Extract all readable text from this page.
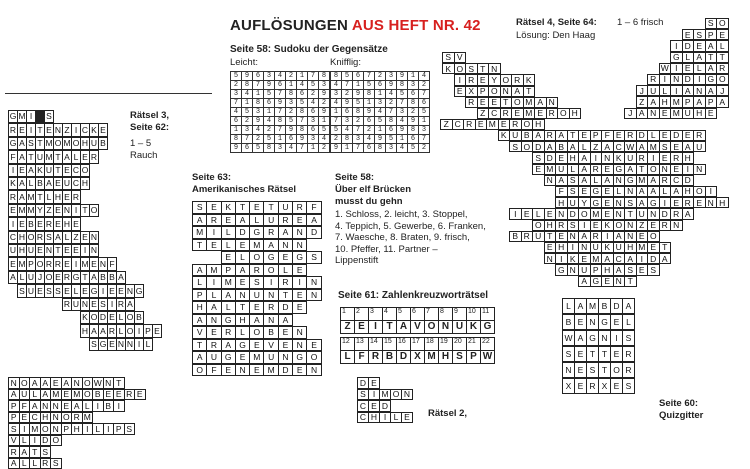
AUFLÖSUNGEN AUS HEFT NR. 42
Seite 58: Sudoku der Gegensätze
Leicht:	Knifflig:
5 9 6 3 4 2 1 7 8
2 8 7 9 6 1 4 5 3
3 4 1 5 7 8 6 2 9
7 1 8 6 9 3 5 4 2
4 5 3 1 7 2 8 6 9
6 2 9 4 8 5 7 3 1
1 3 4 2 7 9 8 6 5
8 7 2 5 1 6 9 3 4
9 6 5 8 3 4 7 1 2
8 5 6 7 2 3 9 1 4
4 7 1 5 6 9 8 3 2
3 2 9 8 1 4 5 6 7
4 9 5 1 3 2 7 8 6
1 6 8 9 4 7 3 2 5
7 3 2 6 5 8 4 9 1
5 4 7 2 1 6 9 8 3
2 8 3 4 9 5 1 6 7
9 1 7 6 8 3 4 5 2
Rätsel 3,
Seite 62:
1 – 5
Rauch
G M I	S
R E I T E N Z I C K E
G A S T M O M O H U B
F A T U M T A L E R
I E A K U T E C O
K A L B A E U C H
R A M T L H E R
E M M Y Z E N I T O
I E B E R E H E
C H O R S A L Z E N
U H U E N T E E I N
E M P O R R E I M E N F
A L U J O E R G T A B B A
S U E S S E L E G I E E N G
R U N E S I R A
K O D E L O B
H A A R L O I P E
S G E N N I L
Seite 63:
Amerikanisches Rätsel
S	E	K	T	E	T	U R	F
A R E	A	L	U R E	A
M	I	L	D G R A N D
T	E	L	E M A N N
E	L	O G E G S
A M P	A R O	L	E
L	I	M E	S	I	R	I	N
P	L	A N U N	T	E N
H A	L	T	E R D E
A N G H A N A
V	E R	L	O B	E N
T	R A G E	V	E N E
A U G E M U N G O
O F	E N E M D E N
Seite 58:
Über elf Brücken
musst du gehn
1. Schloss, 2. leicht, 3. Stoppel,
4. Teppich, 5. Gewerbe, 6. Franken,
7. Waesche, 8. Braten, 9. frisch,
10. Pfeffer, 11. Partner –
Lippenstift
Seite 61: Zahlenkreuzworträtsel
1	2	3	4	5	6	7	8	9	10 11
Z E I T A V O N U K G
12 13 14 15 16 17 18 19 20 21 22
L F R B D X M H S P W
Rätsel 4, Seite 64: 1 – 6 frisch
Lösung: Den Haag
S O
E S P E
I D E A L
G L A T T
W I E L A R
R I N D I G O
J U L I A N A J
Z A H M P A P A
J A N E M U H E
Z C R E M E R O H
K U B A R A T E P F E R D L E D E R
S O D A B A L Z A C W A M S E A U
S D E H A I N K U R I E R H
E M U L A R E G A T O N E I N
N A S A L A N G M A R C D
F S E G E L N A A L A H O I
H U Y G E N S A G I E R E N H
I E L E N D O M E N T U N D R A
O H R S I E K O N Z E R N
B R U T E N A R I A N E O
E H I N U K U H M E T
N I K E M A C A I D A
G N U P H A S E S
A G E N T
S V
K O S T N
I R E Y O R K
E X P O N A T
R E E T O M A N
Z C R E M E R O H
L A M B D A
B E N G E L
W A G N I S
S E T T E R
N E S T O R
X E R X E S
Seite 60:
Quizgitter
N O A A E A N O W N T
A U L A M E M O B E E R E
P F A N N E A L I B I
P E C H N O R M
S I M O N P H I L I P S
V L I D O
R A T S
A L L R S
D E
S I M O N
C E D
C H I L E Rätsel 2,
